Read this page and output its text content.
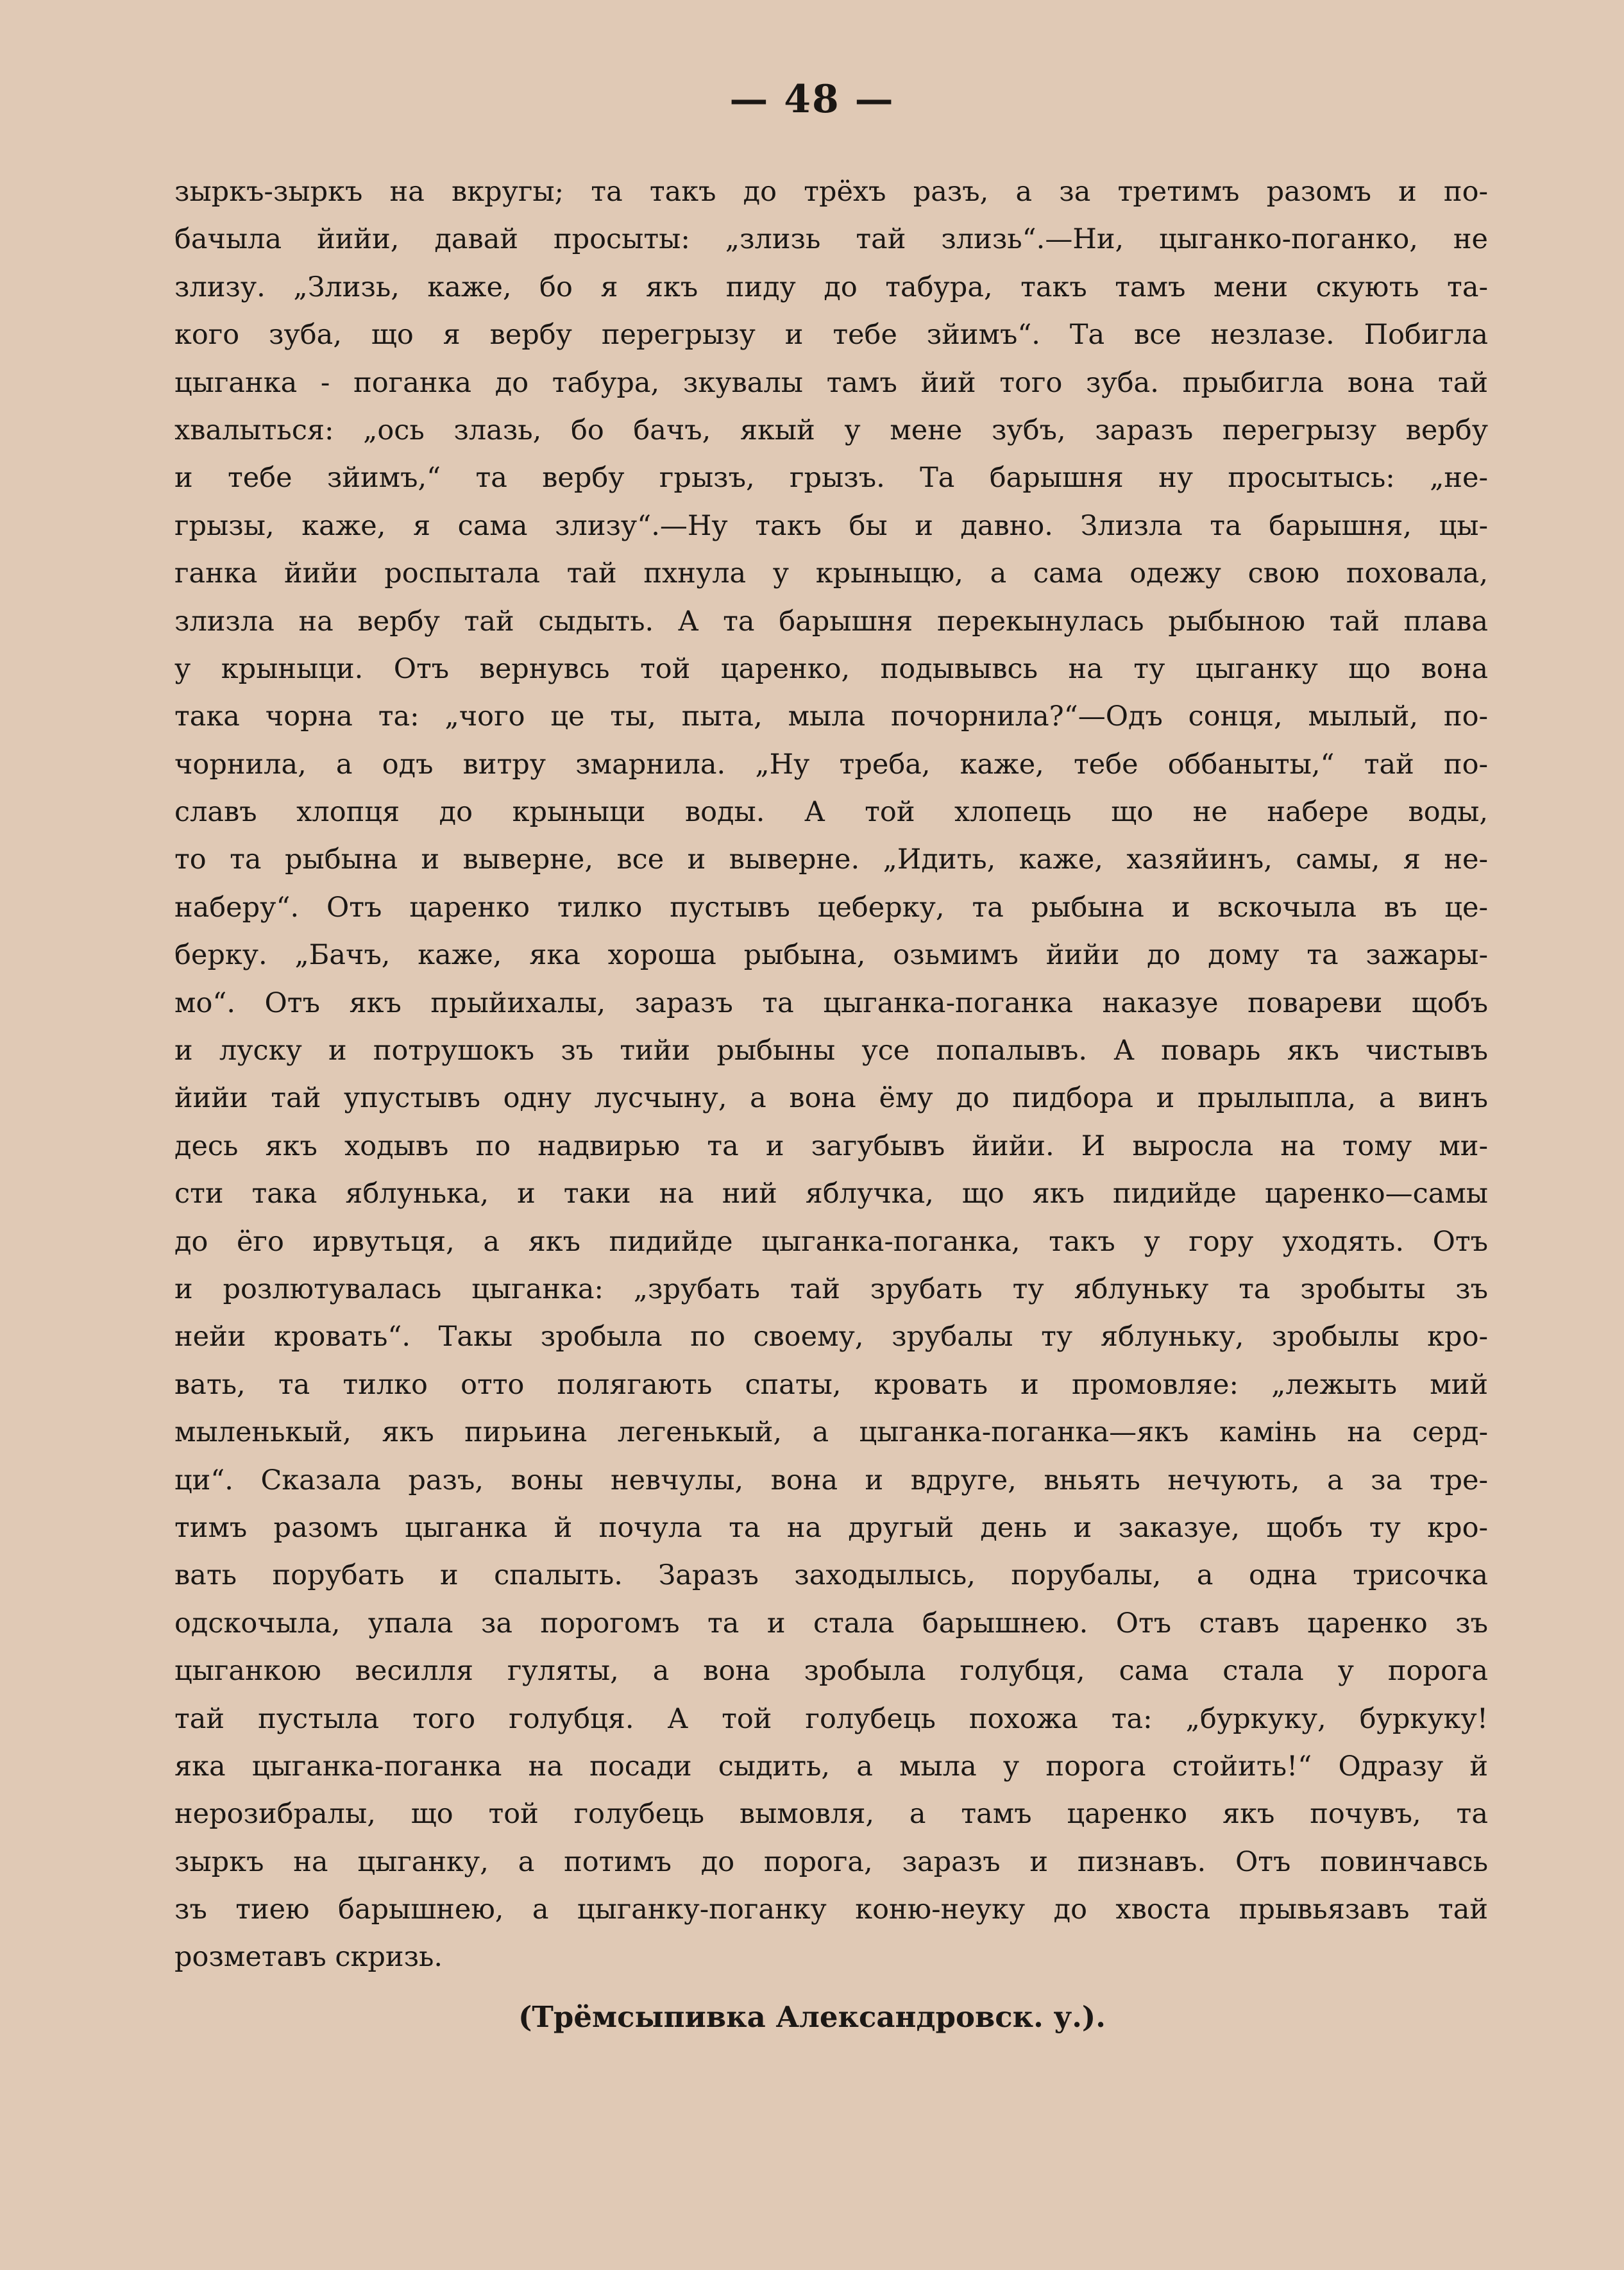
— 48 —
зыркъ-зыркъ на вкругы; та такъ до трёхъ разъ, а за третимъ разомъ и по-
бачыла йийи, давай просыты: „злизь тай злизь“.—Ни, цыганко-поганко, не
злизу. „Злизь, каже, бо я якъ пиду до табура, такъ тамъ мени скують та-
кого зуба, що я вербу перегрызу и тебе зйимъ“. Та все незлазе. Побигла
цыганка - поганка до табура, зкувалы тамъ йий того зуба. прыбигла вона тай
хвалыться: „ось злазь, бо бачъ, якый у мене зубъ, заразъ перегрызу вербу
и тебе зйимъ,“ та вербу грызъ, грызъ. Та барышня ну просытысь: „не-
грызы, каже, я сама злизу“.—Ну такъ бы и давно. Злизла та барышня, цы-
ганка йийи роспытала тай пхнула у крыныцю, а сама одежу свою поховала,
злизла на вербу тай сыдыть. А та барышня перекынулась рыбыною тай плава
у крыныци. Отъ вернувсь той царенко, подывывсь на ту цыганку що вона
така чорна та: „чого це ты, пыта, мыла почорнила?“—Одъ сонця, мылый, по-
чорнила, а одъ витру змарнила. „Ну треба, каже, тебе оббаныты,“ тай по-
славъ хлопця до крыныци воды. А той хлопець що не набере воды,
то та рыбына и выверне, все и выверне. „Идить, каже, хазяйинъ, самы, я не-
наберу“. Отъ царенко тилко пустывъ цеберку, та рыбына и вскочыла въ це-
берку. „Бачъ, каже, яка хороша рыбына, озьмимъ йийи до дому та зажары-
мо“. Отъ якъ прыйихалы, заразъ та цыганка-поганка наказуе повареви щобъ
и луску и потрушокъ зъ тийи рыбыны усе попалывъ. А поварь якъ чистывъ
йийи тай упустывъ одну лусчыну, а вона ёму до пидбора и прылыпла, а винъ
десь якъ ходывъ по надвирью та и загубывъ йийи. И выросла на тому ми-
сти така яблунька, и таки на ний яблучка, що якъ пидийде царенко—самы
до ёго ирвутьця, а якъ пидийде цыганка-поганка, такъ у гору уходять. Отъ
и розлютувалась цыганка: „зрубать тай зрубать ту яблуньку та зробыты зъ
нейи кровать“. Такы зробыла по своему, зрубалы ту яблуньку, зробылы кро-
вать, та тилко отто полягають спаты, кровать и промовляе: „лежыть мий
мыленькый, якъ пирьина легенькый, а цыганка-поганка—якъ камiнь на серд-
ци“. Сказала разъ, воны невчулы, вона и вдруге, вньять нечують, а за тре-
тимъ разомъ цыганка й почула та на другый день и заказуе, щобъ ту кро-
вать порубать и спалыть. Заразъ заходылысь, порубалы, а одна трисочка
одскочыла, упала за порогомъ та и стала барышнею. Отъ ставъ царенко зъ
цыганкою весилля гуляты, а вона зробыла голубця, сама стала у порога
тай пустыла того голубця. А той голубець похожа та: „буркуку, буркуку!
яка цыганка-поганка на посади сыдить, а мыла у порога стойить!“ Одразу й
нерозибралы, що той голубець вымовля, а тамъ царенко якъ почувъ, та
зыркъ на цыганку, а потимъ до порога, заразъ и пизнавъ. Отъ повинчавсь
зъ тиею барышнею, а цыганку-поганку коню-неуку до хвоста прывьязавъ тай
розметавъ скризь.
(Трёмсыпивка Александровск. у.).
